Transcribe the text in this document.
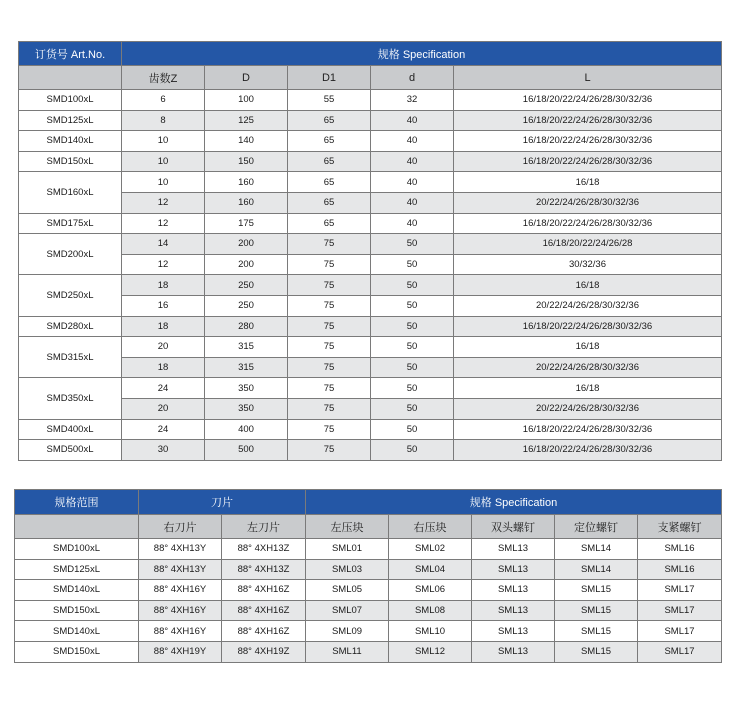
订货号 Art.No.	规格 Specification				
	齿数Z	D	D1	d	L
SMD100xL	6	100	55	32	16/18/20/22/24/26/28/30/32/36
SMD125xL	8	125	65	40	16/18/20/22/24/26/28/30/32/36
SMD140xL	10	140	65	40	16/18/20/22/24/26/28/30/32/36
SMD150xL	10	150	65	40	16/18/20/22/24/26/28/30/32/36
SMD160xL	10	160	65	40	16/18
	12	160	65	40	20/22/24/26/28/30/32/36
SMD175xL	12	175	65	40	16/18/20/22/24/26/28/30/32/36
SMD200xL	14	200	75	50	16/18/20/22/24/26/28
	12	200	75	50	30/32/36
SMD250xL	18	250	75	50	16/18
	16	250	75	50	20/22/24/26/28/30/32/36
SMD280xL	18	280	75	50	16/18/20/22/24/26/28/30/32/36
SMD315xL	20	315	75	50	16/18
	18	315	75	50	20/22/24/26/28/30/32/36
SMD350xL	24	350	75	50	16/18
	20	350	75	50	20/22/24/26/28/30/32/36
SMD400xL	24	400	75	50	16/18/20/22/24/26/28/30/32/36
SMD500xL	30	500	75	50	16/18/20/22/24/26/28/30/32/36
规格范围	刀片		规格 Specification				
	右刀片	左刀片	左压块	右压块	双头螺钉	定位螺钉	支紧螺钉
SMD100xL	88° 4XH13Y	88° 4XH13Z	SML01	SML02	SML13	SML14	SML16
SMD125xL	88° 4XH13Y	88° 4XH13Z	SML03	SML04	SML13	SML14	SML16
SMD140xL	88° 4XH16Y	88° 4XH16Z	SML05	SML06	SML13	SML15	SML17
SMD150xL	88° 4XH16Y	88° 4XH16Z	SML07	SML08	SML13	SML15	SML17
SMD140xL	88° 4XH16Y	88° 4XH16Z	SML09	SML10	SML13	SML15	SML17
SMD150xL	88° 4XH19Y	88° 4XH19Z	SML11	SML12	SML13	SML15	SML17
